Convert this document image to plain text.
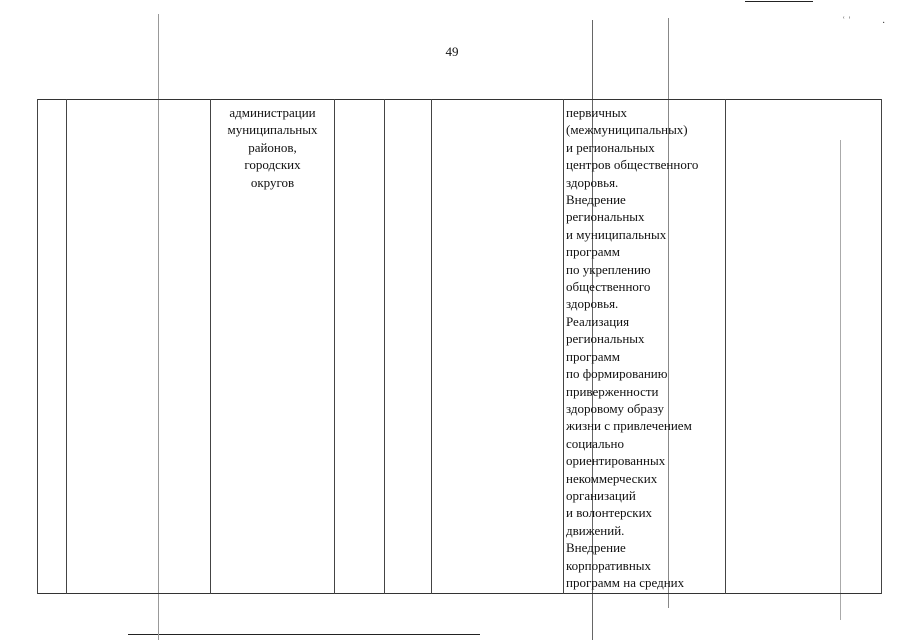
ʿ ʾ	·
49
администрации
муниципальных
районов,
городских
округов
первичных
(межмуниципальных)
и региональных
центров общественного
здоровья.
Внедрение
региональных
и муниципальных
программ
по укреплению
общественного
здоровья.
Реализация
региональных
программ
по формированию
приверженности
здоровому образу
жизни с привлечением
социально
ориентированных
некоммерческих
организаций
и волонтерских
движений.
Внедрение
корпоративных
программ на средних
